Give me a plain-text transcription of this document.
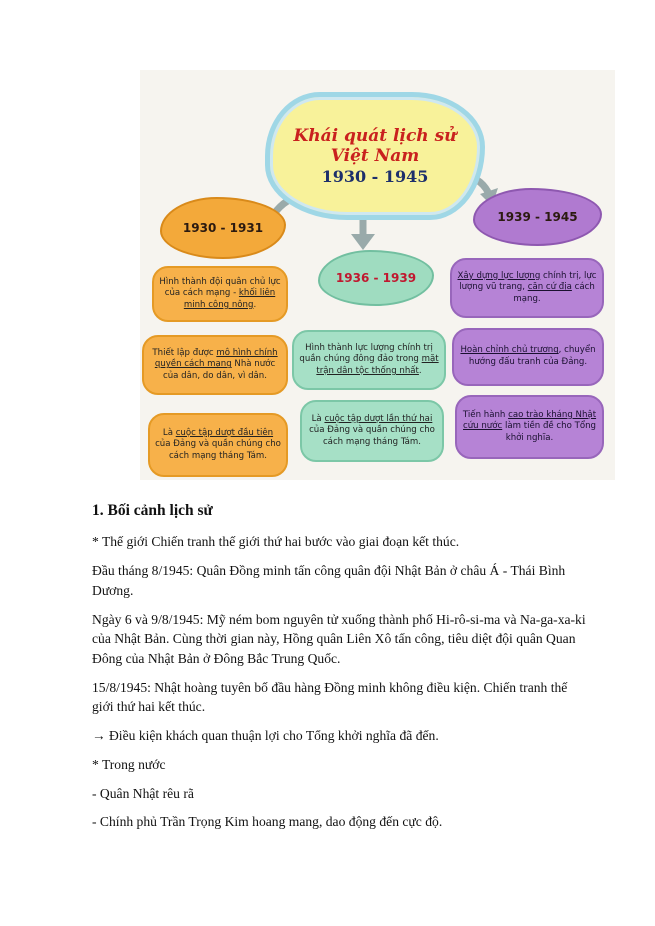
Khái quát lịch sử
Việt Nam
1930 - 1945
1930 - 1931
1936 - 1939
1939 - 1945
Hình thành đội quân chủ lực của cách mạng - khối liên minh công nông.
Thiết lập được mô hình chính quyền cách mạng Nhà nước của dân, do dân, vì dân.
Là cuộc tập dượt đầu tiên của Đảng và quần chúng cho cách mạng tháng Tám.
Hình thành lực lượng chính trị quần chúng đông đảo trong mặt trận dân tộc thống nhất.
Là cuộc tập dượt lần thứ hai của Đảng và quần chúng cho cách mạng tháng Tám.
Xây dựng lực lượng chính trị, lực lượng vũ trang, căn cứ địa cách mạng.
Hoàn chỉnh chủ trương, chuyển hướng đấu tranh của Đảng.
Tiến hành cao trào kháng Nhật cứu nước làm tiền đề cho Tổng khởi nghĩa.
1. Bối cảnh lịch sử

* Thế giới Chiến tranh thế giới thứ hai bước vào giai đoạn kết thúc.

Đầu tháng 8/1945: Quân Đồng minh tấn công quân đội Nhật Bản ở châu Á - Thái Bình Dương.

Ngày 6 và 9/8/1945: Mỹ ném bom nguyên tử xuống thành phố Hi-rô-si-ma và Na-ga-xa-ki của Nhật Bản. Cùng thời gian này, Hồng quân Liên Xô tấn công, tiêu diệt đội quân Quan Đông của Nhật Bản ở Đông Bắc Trung Quốc.

15/8/1945: Nhật hoàng tuyên bố đầu hàng Đồng minh không điều kiện. Chiến tranh thế giới thứ hai kết thúc.

→ Điều kiện khách quan thuận lợi cho Tổng khởi nghĩa đã đến.

* Trong nước

- Quân Nhật rêu rã

- Chính phủ Trần Trọng Kim hoang mang, dao động đến cực độ.
